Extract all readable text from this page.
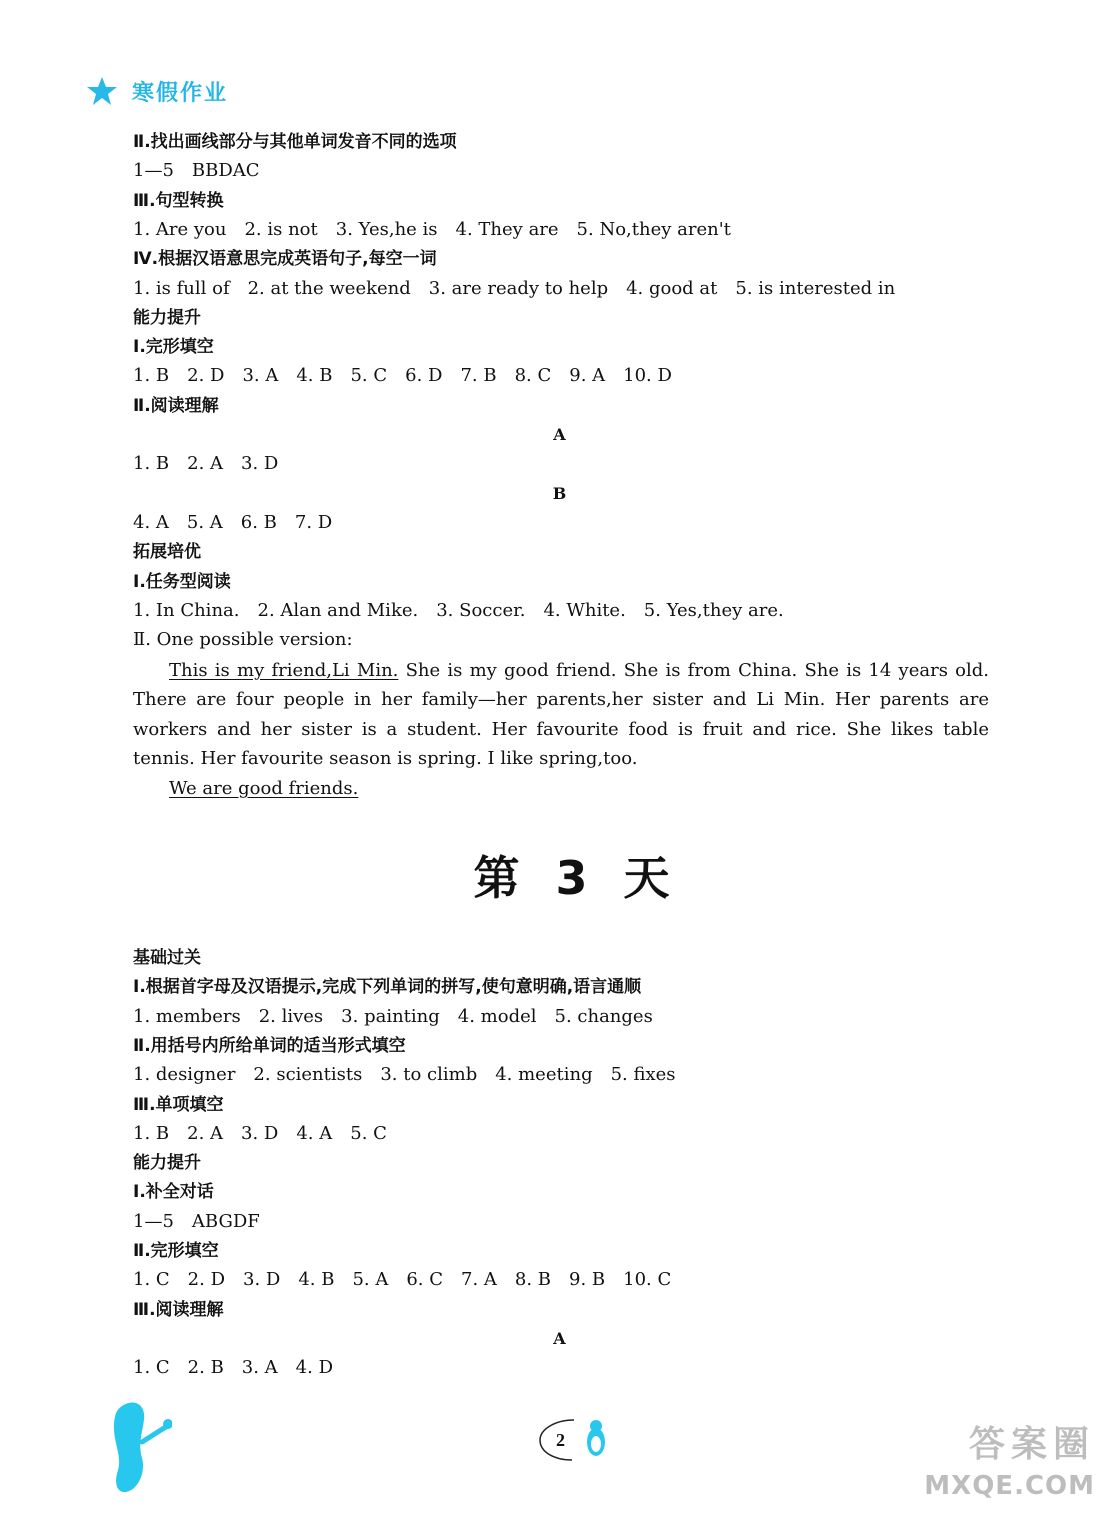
寒假作业
Ⅱ.找出画线部分与其他单词发音不同的选项
1—5　BBDAC
Ⅲ.句型转换
1. Are you　2. is not　3. Yes,he is　4. They are　5. No,they aren't
Ⅳ.根据汉语意思完成英语句子,每空一词
1. is full of　2. at the weekend　3. are ready to help　4. good at　5. is interested in
能力提升
Ⅰ.完形填空
1. B　2. D　3. A　4. B　5. C　6. D　7. B　8. C　9. A　10. D
Ⅱ.阅读理解
A
1. B　2. A　3. D
B
4. A　5. A　6. B　7. D
拓展培优
Ⅰ.任务型阅读
1. In China.　2. Alan and Mike.　3. Soccer.　4. White.　5. Yes,they are.
Ⅱ. One possible version:
This is my friend,Li Min. She is my good friend. She is from China. She is 14 years old. There are four people in her family—her parents,her sister and Li Min. Her parents are workers and her sister is a student. Her favourite food is fruit and rice. She likes table tennis. Her favourite season is spring. I like spring,too.
We are good friends.
第 3 天
基础过关
Ⅰ.根据首字母及汉语提示,完成下列单词的拼写,使句意明确,语言通顺
1. members　2. lives　3. painting　4. model　5. changes
Ⅱ.用括号内所给单词的适当形式填空
1. designer　2. scientists　3. to climb　4. meeting　5. fixes
Ⅲ.单项填空
1. B　2. A　3. D　4. A　5. C
能力提升
Ⅰ.补全对话
1—5　ABGDF
Ⅱ.完形填空
1. C　2. D　3. D　4. B　5. A　6. C　7. A　8. B　9. B　10. C
Ⅲ.阅读理解
A
1. C　2. B　3. A　4. D
2	答案圈
MXQE.COM
